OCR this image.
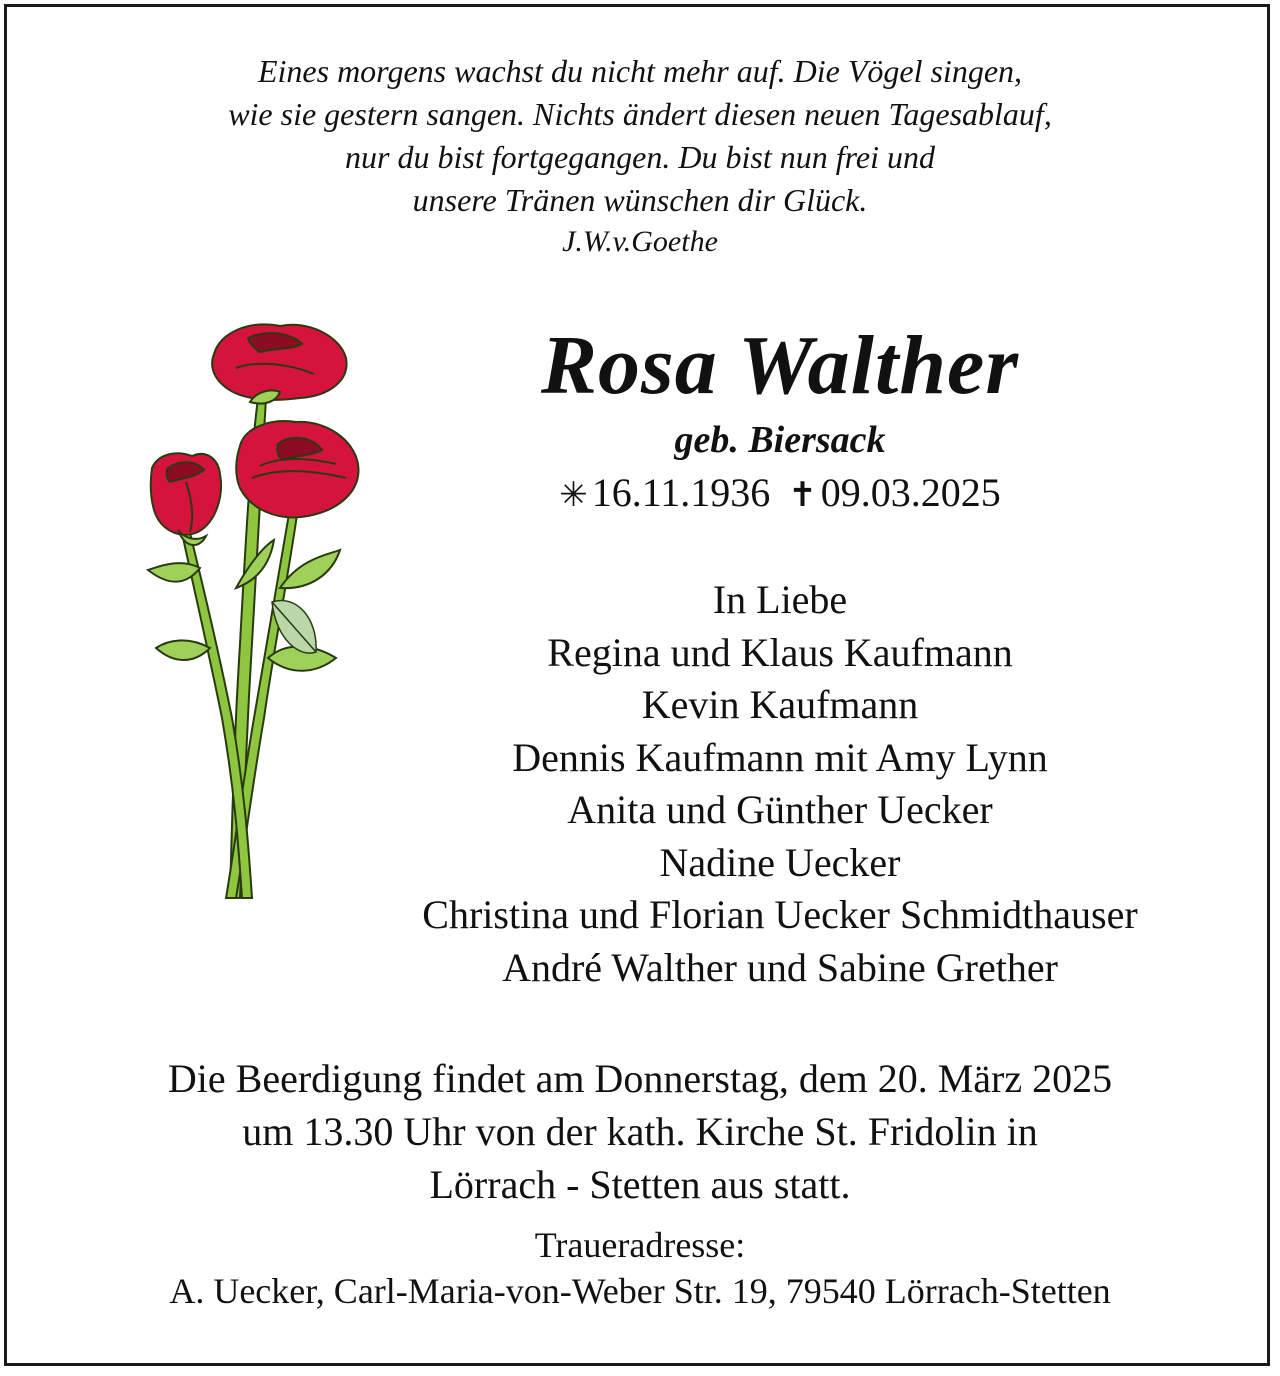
Eines morgens wachst du nicht mehr auf. Die Vögel singen,
wie sie gestern sangen. Nichts ändert diesen neuen Tagesablauf,
nur du bist fortgegangen. Du bist nun frei und
unsere Tränen wünschen dir Glück.
J.W.v.Goethe
Rosa Walther
geb. Biersack
✳ 16.11.1936 ✝ 09.03.2025
In Liebe
Regina und Klaus Kaufmann
Kevin Kaufmann
Dennis Kaufmann mit Amy Lynn
Anita und Günther Uecker
Nadine Uecker
Christina und Florian Uecker Schmidthauser
André Walther und Sabine Grether
Die Beerdigung findet am Donnerstag, dem 20. März 2025
um 13.30 Uhr von der kath. Kirche St. Fridolin in
Lörrach - Stetten aus statt.
Traueradresse:
A. Uecker, Carl-Maria-von-Weber Str. 19, 79540 Lörrach-Stetten
